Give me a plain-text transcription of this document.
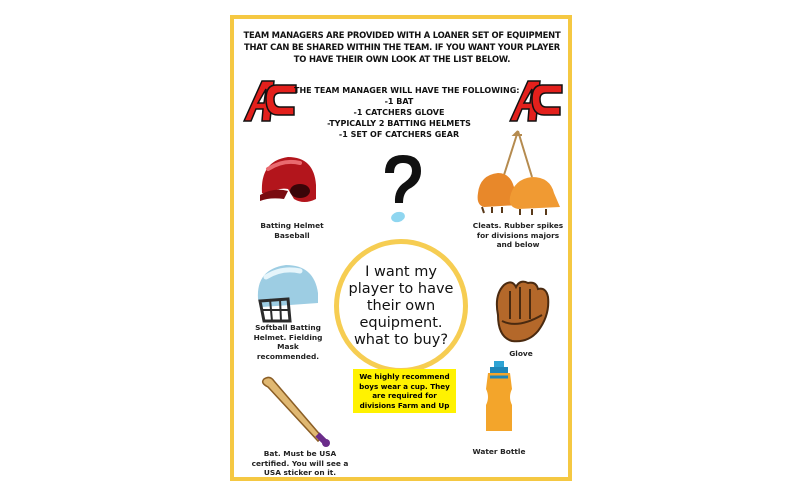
TEAM MANAGERS ARE PROVIDED WITH A LOANER SET OF EQUIPMENT THAT CAN BE SHARED WITHIN THE TEAM. IF YOU WANT YOUR PLAYER TO HAVE THEIR OWN LOOK AT THE LIST BELOW.
AC
THE TEAM MANAGER WILL HAVE THE FOLLOWING:
-1 BAT
-1 CATCHERS GLOVE
-TYPICALLY 2 BATTING HELMETS
-1 SET OF CATCHERS GEAR
Batting Helmet Baseball
?
Cleats. Rubber spikes for divisions majors and below
I want my player to have their own equipment. what to buy?
Softball Batting Helmet. Fielding Mask recommended.	Glove
Water Bottle
We highly recommend boys wear a cup. They are required for divisions Farm and Up
Bat. Must be USA certified. You will see a USA sticker on it.
